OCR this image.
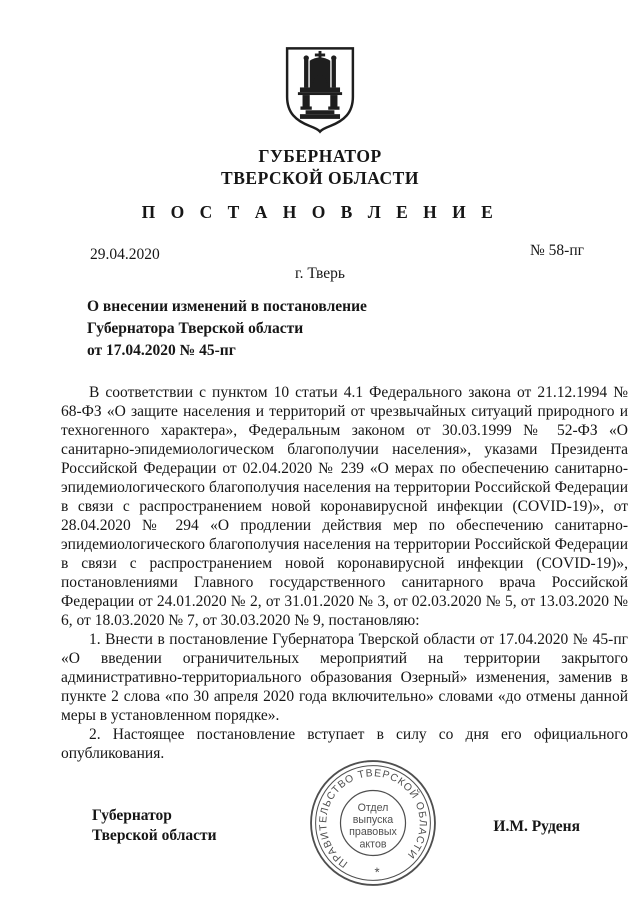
ГУБЕРНАТОР
ТВЕРСКОЙ ОБЛАСТИ
П О С Т А Н О В Л Е Н И Е
29.04.2020	№ 58-пг
г. Тверь
О внесении изменений в постановление
Губернатора Тверской области
от 17.04.2020 № 45-пг

В соответствии с пунктом 10 статьи 4.1 Федерального закона от 21.12.1994 № 68-ФЗ «О защите населения и территорий от чрезвычайных ситуаций природного и техногенного характера», Федеральным законом от 30.03.1999 № 52-ФЗ «О санитарно-эпидемиологическом благополучии населения», указами Президента Российской Федерации от 02.04.2020 № 239 «О мерах по обеспечению санитарно-эпидемиологического благополучия населения на территории Российской Федерации в связи с распространением новой коронавирусной инфекции (COVID-19)», от 28.04.2020 № 294 «О продлении действия мер по обеспечению санитарно-эпидемиологического благополучия населения на территории Российской Федерации в связи с распространением новой коронавирусной инфекции (COVID-19)», постановлениями Главного государственного санитарного врача Российской Федерации от 24.01.2020 № 2, от 31.01.2020 № 3, от 02.03.2020 № 5, от 13.03.2020 № 6, от 18.03.2020 № 7, от 30.03.2020 № 9, постановляю:

1. Внести в постановление Губернатора Тверской области от 17.04.2020 № 45-пг «О введении ограничительных мероприятий на территории закрытого административно-территориального образования Озерный» изменения, заменив в пункте 2 слова «по 30 апреля 2020 года включительно» словами «до отмены данной меры в установленном порядке».

2. Настоящее постановление вступает в силу со дня его официального опубликования.

Губернатор
Тверской области	И.М. Руденя
ПРАВИТЕЛЬСТВО ТВЕРСКОЙ ОБЛАСТИ
*
Отдел
выпуска
правовых
актов
